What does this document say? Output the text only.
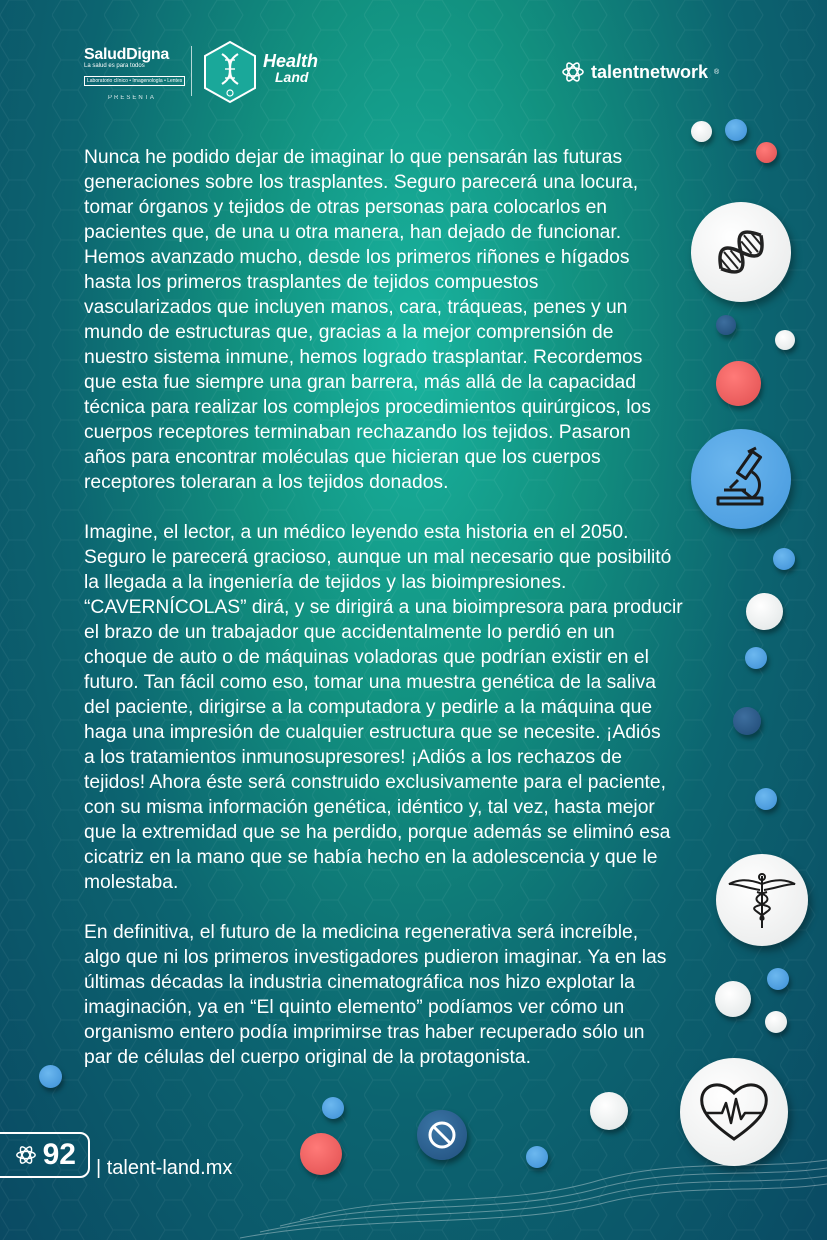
SaludDigna
La salud es para todos
Laboratorio clínico • Imagenología • Lentes
PRESENTA
Health
Land	talentnetwork ®

Nunca he podido dejar de imaginar lo que pensarán las futuras
generaciones sobre los trasplantes. Seguro parecerá una locura,
tomar órganos y tejidos de otras personas para colocarlos en
pacientes que, de una u otra manera, han dejado de funcionar.
Hemos avanzado mucho, desde los primeros riñones e hígados
hasta los primeros trasplantes de tejidos compuestos
vascularizados que incluyen manos, cara, tráqueas, penes y un
mundo de estructuras que, gracias a la mejor comprensión de
nuestro sistema inmune, hemos logrado trasplantar. Recordemos
que esta fue siempre una gran barrera, más allá de la capacidad
técnica para realizar los complejos procedimientos quirúrgicos, los
cuerpos receptores terminaban rechazando los tejidos. Pasaron
años para encontrar moléculas que hicieran que los cuerpos
receptores toleraran a los tejidos donados.

Imagine, el lector, a un médico leyendo esta historia en el 2050.
Seguro le parecerá gracioso, aunque un mal necesario que posibilitó
la llegada a la ingeniería de tejidos y las bioimpresiones.
“CAVERNÍCOLAS” dirá, y se dirigirá a una bioimpresora para producir
el brazo de un trabajador que accidentalmente lo perdió en un
choque de auto o de máquinas voladoras que podrían existir en el
futuro. Tan fácil como eso, tomar una muestra genética de la saliva
del paciente, dirigirse a la computadora y pedirle a la máquina que
haga una impresión de cualquier estructura que se necesite. ¡Adiós
a los tratamientos inmunosupresores! ¡Adiós a los rechazos de
tejidos! Ahora éste será construido exclusivamente para el paciente,
con su misma información genética, idéntico y, tal vez, hasta mejor
que la extremidad que se ha perdido, porque además se eliminó esa
cicatriz en la mano que se había hecho en la adolescencia y que le
molestaba.

En definitiva, el futuro de la medicina regenerativa será increíble,
algo que ni los primeros investigadores pudieron imaginar. Ya en las
últimas décadas la industria cinematográfica nos hizo explotar la
imaginación, ya en “El quinto elemento” podíamos ver cómo un
organismo entero podía imprimirse tras haber recuperado sólo un
par de células del cuerpo original de la protagonista.

92 | talent-land.mx
